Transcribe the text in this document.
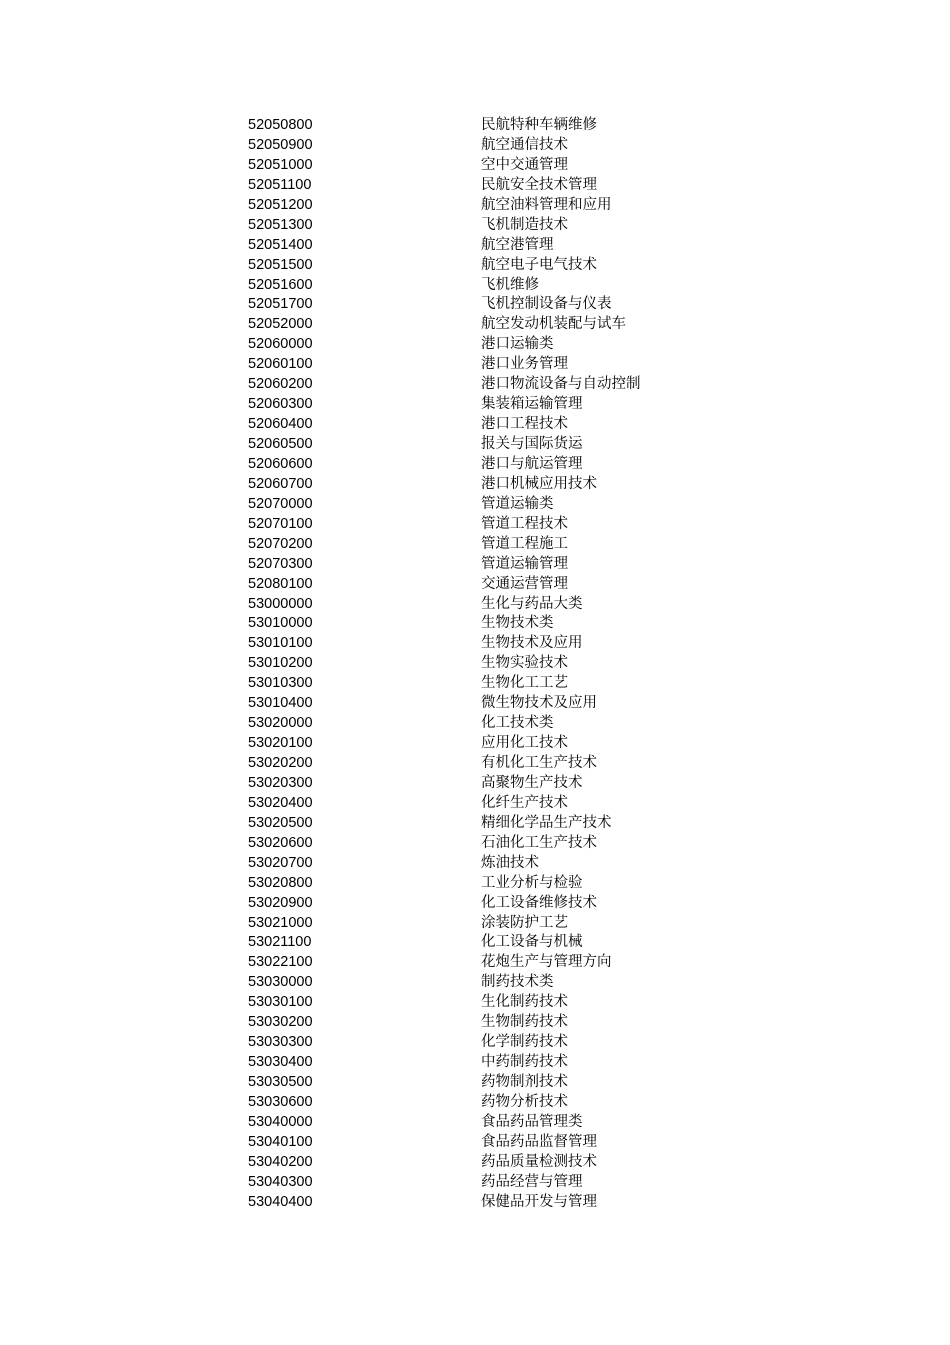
52050800	民航特种车辆维修
52050900	航空通信技术
52051000	空中交通管理
52051100	民航安全技术管理
52051200	航空油料管理和应用
52051300	飞机制造技术
52051400	航空港管理
52051500	航空电子电气技术
52051600	飞机维修
52051700	飞机控制设备与仪表
52052000	航空发动机装配与试车
52060000	港口运输类
52060100	港口业务管理
52060200	港口物流设备与自动控制
52060300	集装箱运输管理
52060400	港口工程技术
52060500	报关与国际货运
52060600	港口与航运管理
52060700	港口机械应用技术
52070000	管道运输类
52070100	管道工程技术
52070200	管道工程施工
52070300	管道运输管理
52080100	交通运营管理
53000000	生化与药品大类
53010000	生物技术类
53010100	生物技术及应用
53010200	生物实验技术
53010300	生物化工工艺
53010400	微生物技术及应用
53020000	化工技术类
53020100	应用化工技术
53020200	有机化工生产技术
53020300	高聚物生产技术
53020400	化纤生产技术
53020500	精细化学品生产技术
53020600	石油化工生产技术
53020700	炼油技术
53020800	工业分析与检验
53020900	化工设备维修技术
53021000	涂装防护工艺
53021100	化工设备与机械
53022100	花炮生产与管理方向
53030000	制药技术类
53030100	生化制药技术
53030200	生物制药技术
53030300	化学制药技术
53030400	中药制药技术
53030500	药物制剂技术
53030600	药物分析技术
53040000	食品药品管理类
53040100	食品药品监督管理
53040200	药品质量检测技术
53040300	药品经营与管理
53040400	保健品开发与管理
